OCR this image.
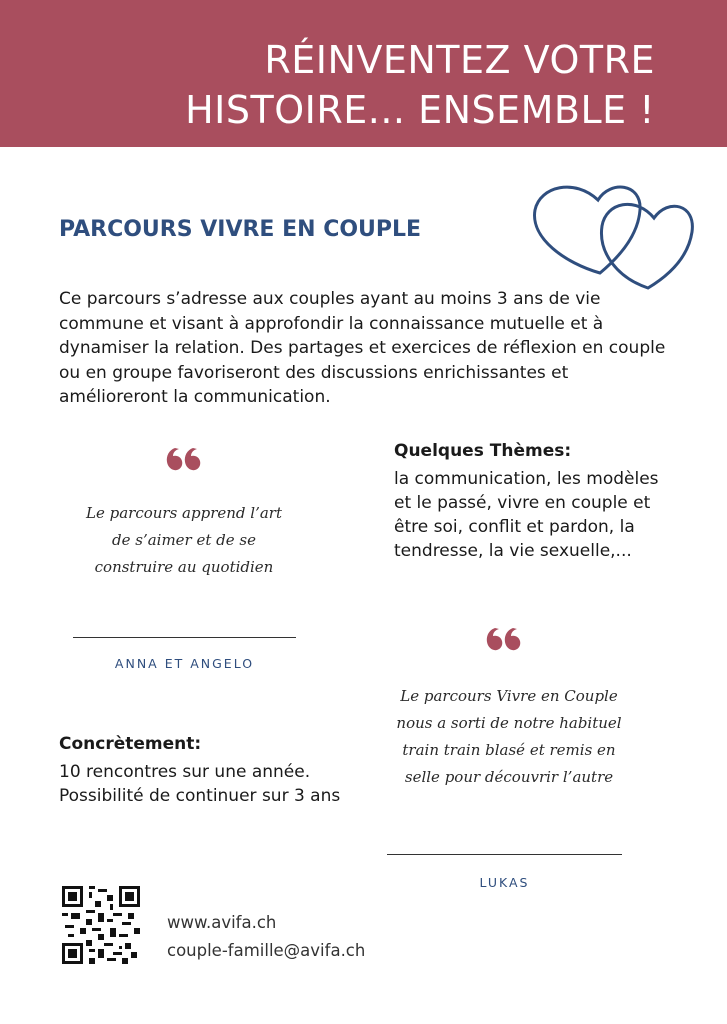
RÉINVENTEZ VOTRE
HISTOIRE... ENSEMBLE !
PARCOURS VIVRE EN COUPLE
Ce parcours s’adresse aux couples ayant au moins 3 ans de vie commune et visant à approfondir la connaissance mutuelle et à dynamiser la relation. Des partages et exercices de réflexion en couple ou en groupe favoriseront des discussions enrichissantes et amélioreront la communication.
Le parcours apprend l’art de s’aimer et de se construire au quotidien
ANNA ET ANGELO
Quelques Thèmes:
la communication, les modèles et le passé, vivre en couple et être soi, conflit et pardon, la tendresse, la vie sexuelle,...
Le parcours Vivre en Couple nous a sorti de notre habituel train train blasé et remis en selle pour découvrir l’autre
LUKAS
Concrètement:
10 rencontres sur une année. Possibilité de continuer sur 3 ans
www.avifa.ch
couple-famille@avifa.ch
